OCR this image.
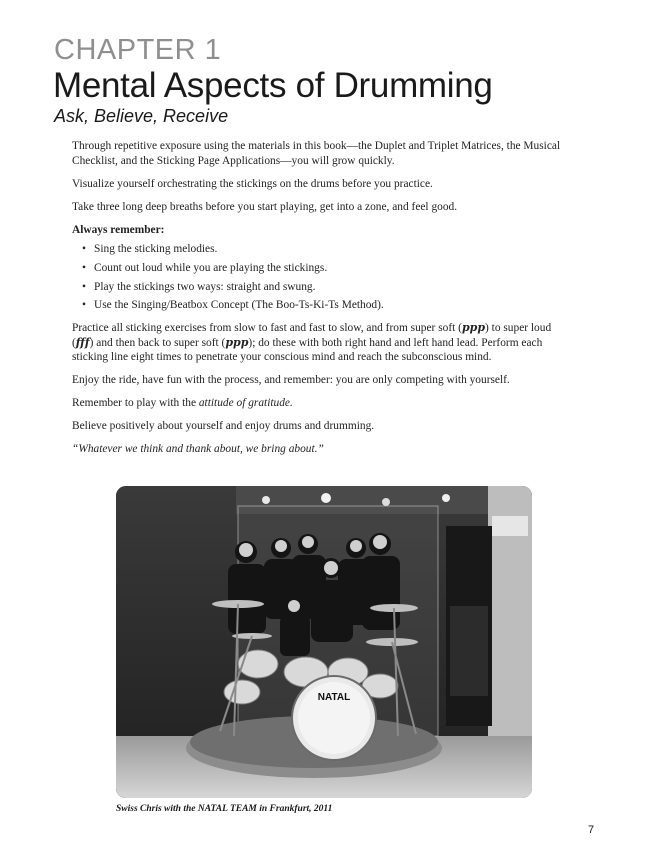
CHAPTER 1
Mental Aspects of Drumming
Ask, Believe, Receive

Through repetitive exposure using the materials in this book—the Duplet and Triplet Matrices, the Musical Checklist, and the Sticking Page Applications—you will grow quickly.

Visualize yourself orchestrating the stickings on the drums before you practice.

Take three long deep breaths before you start playing, get into a zone, and feel good.

Always remember:

• Sing the sticking melodies.
• Count out loud while you are playing the stickings.
• Play the stickings two ways: straight and swung.
• Use the Singing/Beatbox Concept (The Boo-Ts-Ki-Ts Method).

Practice all sticking exercises from slow to fast and fast to slow, and from super soft (ppp) to super loud (fff) and then back to super soft (ppp); do these with both right hand and left hand lead. Perform each sticking line eight times to penetrate your conscious mind and reach the subconscious mind.

Enjoy the ride, have fun with the process, and remember: you are only competing with yourself.

Remember to play with the attitude of gratitude.

Believe positively about yourself and enjoy drums and drumming.

“Whatever we think and thank about, we bring about.”

NATAL
Swiss Chris with the NATAL TEAM in Frankfurt, 2011
7
